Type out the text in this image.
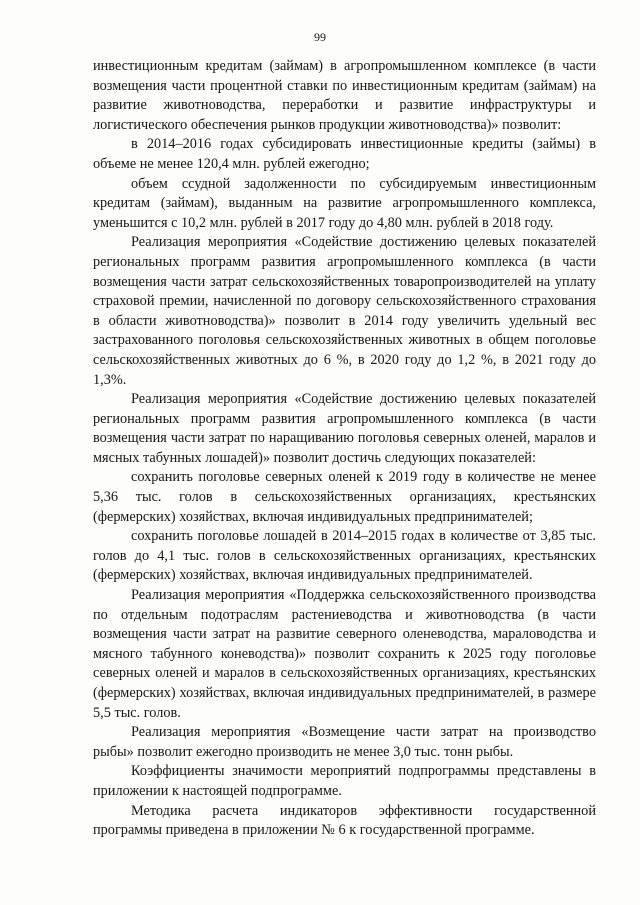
99

инвестиционным кредитам (займам) в агропромышленном комплексе (в части возмещения части процентной ставки по инвестиционным кредитам (займам) на развитие животноводства, переработки и развитие инфраструктуры и логистического обеспечения рынков продукции животноводства)» позволит:

в 2014–2016 годах субсидировать инвестиционные кредиты (займы) в объеме не менее 120,4 млн. рублей ежегодно;

объем ссудной задолженности по субсидируемым инвестиционным кредитам (займам), выданным на развитие агропромышленного комплекса, уменьшится с 10,2 млн. рублей в 2017 году до 4,80 млн. рублей в 2018 году.

Реализация мероприятия «Содействие достижению целевых показателей региональных программ развития агропромышленного комплекса (в части возмещения части затрат сельскохозяйственных товаропроизводителей на уплату страховой премии, начисленной по договору сельскохозяйственного страхования в области животноводства)» позволит в 2014 году увеличить удельный вес застрахованного поголовья сельскохозяйственных животных в общем поголовье сельскохозяйственных животных до 6 %, в 2020 году до 1,2 %, в 2021 году до 1,3%.

Реализация мероприятия «Содействие достижению целевых показателей региональных программ развития агропромышленного комплекса (в части возмещения части затрат по наращиванию поголовья северных оленей, маралов и мясных табунных лошадей)» позволит достичь следующих показателей:

сохранить поголовье северных оленей к 2019 году в количестве не менее 5,36 тыс. голов в сельскохозяйственных организациях, крестьянских (фермерских) хозяйствах, включая индивидуальных предпринимателей;

сохранить поголовье лошадей в 2014–2015 годах в количестве от 3,85 тыс. голов до 4,1 тыс. голов в сельскохозяйственных организациях, крестьянских (фермерских) хозяйствах, включая индивидуальных предпринимателей.

Реализация мероприятия «Поддержка сельскохозяйственного производства по отдельным подотраслям растениеводства и животноводства (в части возмещения части затрат на развитие северного оленеводства, мараловодства и мясного табунного коневодства)» позволит сохранить к 2025 году поголовье северных оленей и маралов в сельскохозяйственных организациях, крестьянских (фермерских) хозяйствах, включая индивидуальных предпринимателей, в размере 5,5 тыс. голов.

Реализация мероприятия «Возмещение части затрат на производство рыбы» позволит ежегодно производить не менее 3,0 тыс. тонн рыбы.

Коэффициенты значимости мероприятий подпрограммы представлены в приложении к настоящей подпрограмме.

Методика расчета индикаторов эффективности государственной программы приведена в приложении № 6 к государственной программе.
